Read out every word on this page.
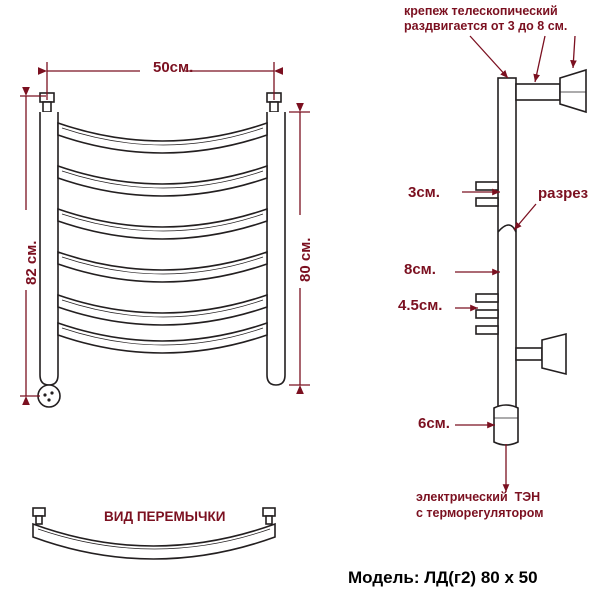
50см.
82 см.	80 см.
ВИД ПЕРЕМЫЧКИ
крепеж телескопический
раздвигается от 3 до 8 см.
3см.	разрез
8см.
4.5см.
6см.
электрический  ТЭН
с терморегулятором
Модель: ЛД(г2) 80 x 50
